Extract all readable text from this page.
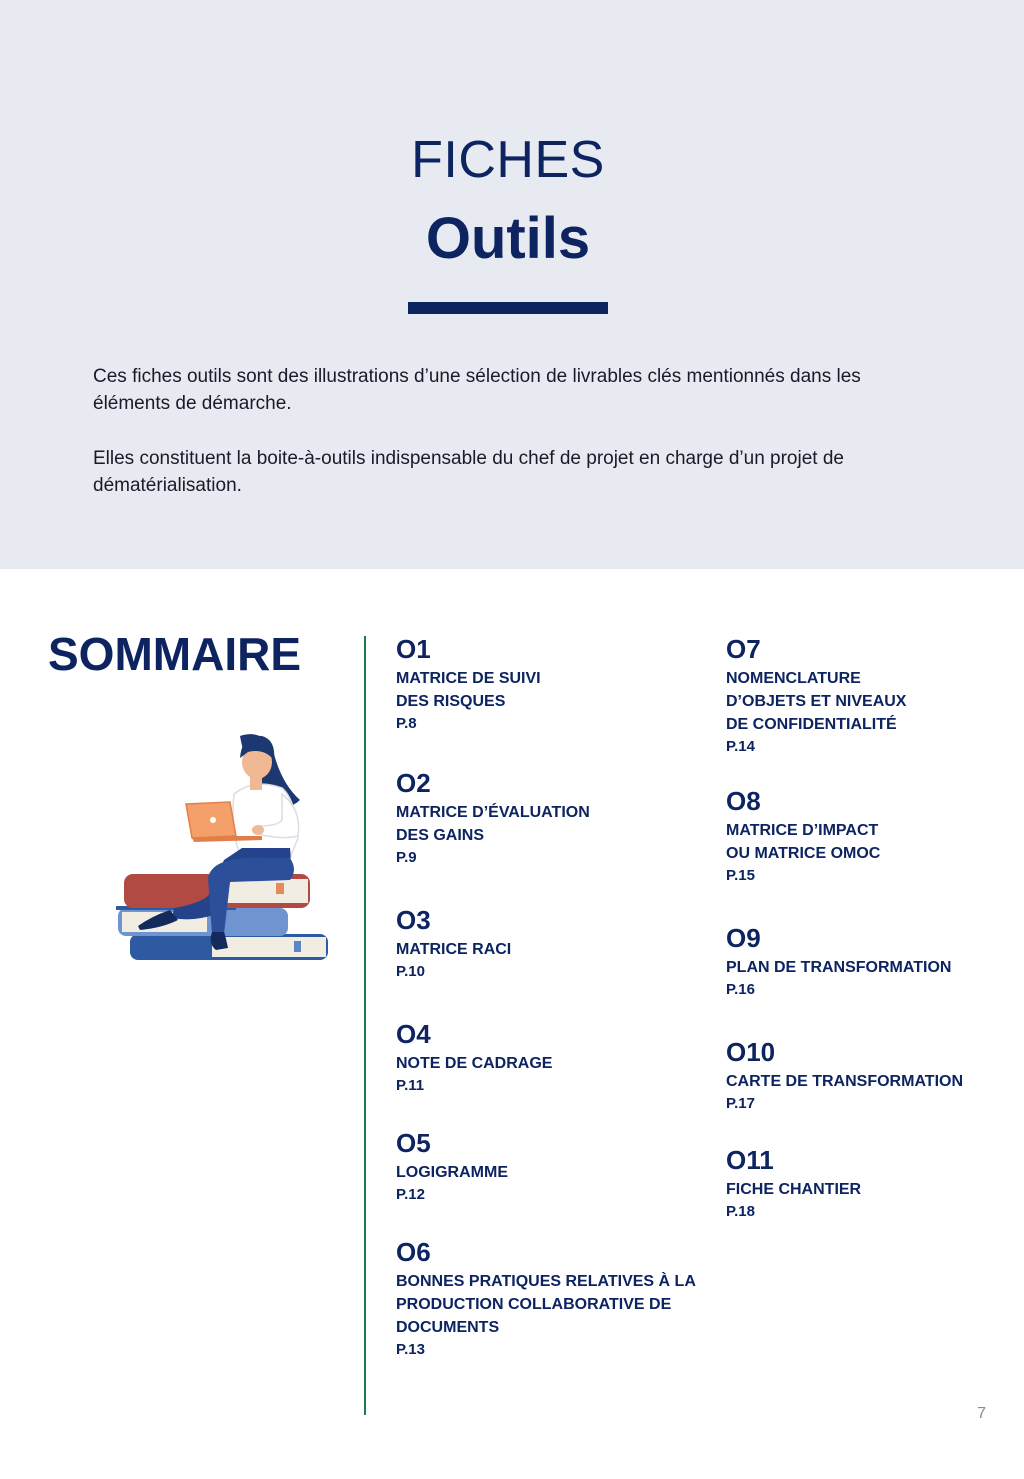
FICHES
Outils
Ces fiches outils sont des illustrations d’une sélection de livrables clés mentionnés dans les éléments de démarche.
Elles constituent la boite-à-outils indispensable du chef de projet en charge d’un projet de dématérialisation.
SOMMAIRE	O1
MATRICE DE SUIVI
DES RISQUES
P.8
O2
MATRICE D’ÉVALUATION
DES GAINS
P.9
O3
MATRICE RACI
P.10
O4
NOTE DE CADRAGE
P.11
O5
LOGIGRAMME
P.12
O6
BONNES PRATIQUES RELATIVES À LA
PRODUCTION COLLABORATIVE DE
DOCUMENTS
P.13
O7
NOMENCLATURE
D’OBJETS ET NIVEAUX
DE CONFIDENTIALITÉ
P.14
O8
MATRICE D’IMPACT
OU MATRICE OMOC
P.15
O9
PLAN DE TRANSFORMATION
P.16
O10
CARTE DE TRANSFORMATION
P.17
O11
FICHE CHANTIER
P.18
7
